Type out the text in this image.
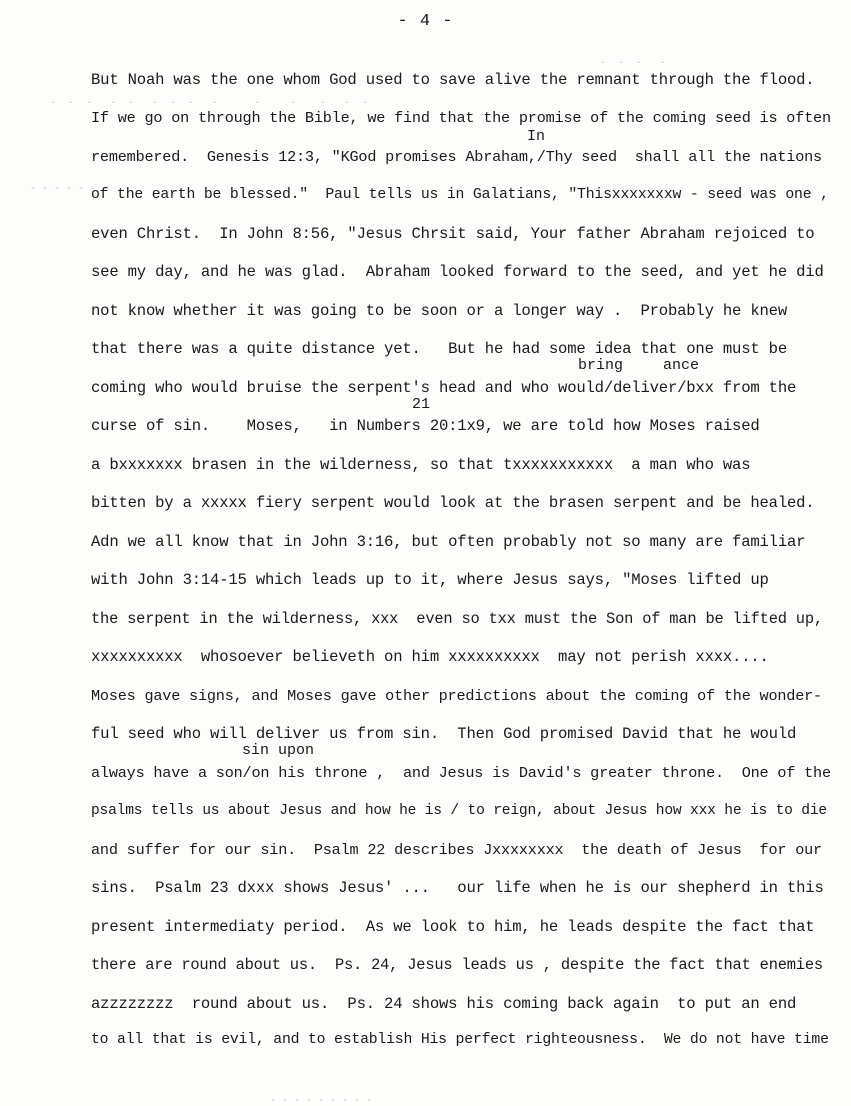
- 4 -
In
bring	ance
21
sin upon
But Noah was the one whom God used to save alive the remnant through the flood.
If we go on through the Bible, we find that the promise of the coming seed is often
remembered.  Genesis 12:3, "KGod promises Abraham,/Thy seed  shall all the nations
of the earth be blessed."  Paul tells us in Galatians, "Thisxxxxxxxw - seed was one ,
even Christ.  In John 8:56, "Jesus Chrsit said, Your father Abraham rejoiced to
see my day, and he was glad.  Abraham looked forward to the seed, and yet he did
not know whether it was going to be soon or a longer way .  Probably he knew
that there was a quite distance yet.   But he had some idea that one must be
coming who would bruise the serpent's head and who would/deliver/bxx from the
curse of sin.    Moses,   in Numbers 20:1x9, we are told how Moses raised
a bxxxxxxx brasen in the wilderness, so that txxxxxxxxxxx  a man who was
bitten by a xxxxx fiery serpent would look at the brasen serpent and be healed.
Adn we all know that in John 3:16, but often probably not so many are familiar
with John 3:14-15 which leads up to it, where Jesus says, "Moses lifted up
the serpent in the wilderness, xxx  even so txx must the Son of man be lifted up,
xxxxxxxxxx  whosoever believeth on him xxxxxxxxxx  may not perish xxxx....
Moses gave signs, and Moses gave other predictions about the coming of the wonder-
ful seed who will deliver us from sin.  Then God promised David that he would
always have a son/on his throne ,  and Jesus is David's greater throne.  One of the
psalms tells us about Jesus and how he is / to reign, about Jesus how xxx he is to die
and suffer for our sin.  Psalm 22 describes Jxxxxxxxx  the death of Jesus  for our
sins.  Psalm 23 dxxx shows Jesus' ...   our life when he is our shepherd in this
present intermediaty period.  As we look to him, he leads despite the fact that
there are round about us.  Ps. 24, Jesus leads us , despite the fact that enemies
azzzzzzzz  round about us.  Ps. 24 shows his coming back again  to put an end
to all that is evil, and to establish His perfect righteousness.  We do not have time
.  .  .   .  .   .  .  .   .      .     .    .   .  .
- - - - - -
.  .  .   .
. . . . . . . . .
